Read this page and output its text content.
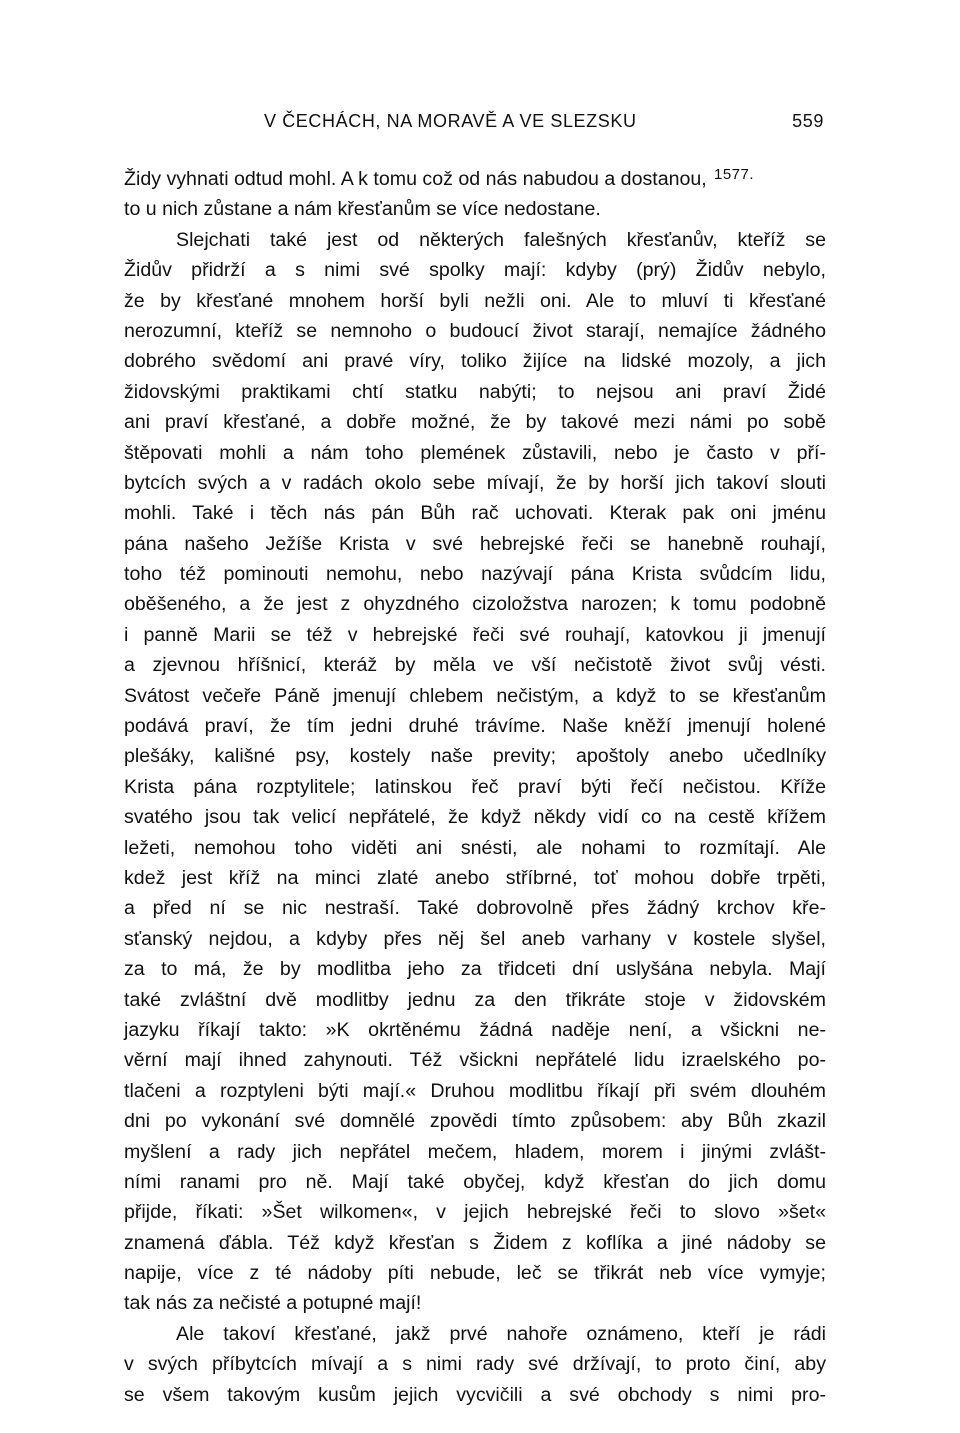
V ČECHÁCH, NA MORAVĚ A VE SLEZSKU	559
1577.
Židy vyhnati odtud mohl. A k tomu což od nás nabudou a dostanou,
to u nich zůstane a nám křesťanům se více nedostane.
Slejchati také jest od některých falešných křesťanův, kteříž se
Židův přidrží a s nimi své spolky mají: kdyby (prý) Židův nebylo,
že by křesťané mnohem horší byli nežli oni. Ale to mluví ti křesťané
nerozumní, kteříž se nemnoho o budoucí život starají, nemajíce žádného
dobrého svědomí ani pravé víry, toliko žijíce na lidské mozoly, a jich
židovskými praktikami chtí statku nabýti; to nejsou ani praví Židé
ani praví křesťané, a dobře možné, že by takové mezi námi po sobě
štěpovati mohli a nám toho plemének zůstavili, nebo je často v pří-
bytcích svých a v radách okolo sebe mívají, že by horší jich takoví slouti
mohli. Také i těch nás pán Bůh rač uchovati. Kterak pak oni jménu
pána našeho Ježíše Krista v své hebrejské řeči se hanebně rouhají,
toho též pominouti nemohu, nebo nazývají pána Krista svůdcím lidu,
oběšeného, a že jest z ohyzdného cizoložstva narozen; k tomu podobně
i panně Marii se též v hebrejské řeči své rouhají, katovkou ji jmenují
a zjevnou hříšnicí, kteráž by měla ve vší nečistotě život svůj vésti.
Svátost večeře Páně jmenují chlebem nečistým, a když to se křesťanům
podává praví, že tím jedni druhé trávíme. Naše kněží jmenují holené
plešáky, kališné psy, kostely naše previty; apoštoly anebo učedlníky
Krista pána rozptylitele; latinskou řeč praví býti řečí nečistou. Kříže
svatého jsou tak velicí nepřátelé, že když někdy vidí co na cestě křížem
ležeti, nemohou toho viděti ani snésti, ale nohami to rozmítají. Ale
kdež jest kříž na minci zlaté anebo stříbrné, toť mohou dobře trpěti,
a před ní se nic nestraší. Také dobrovolně přes žádný krchov kře-
sťanský nejdou, a kdyby přes něj šel aneb varhany v kostele slyšel,
za to má, že by modlitba jeho za třidceti dní uslyšána nebyla. Mají
také zvláštní dvě modlitby jednu za den třikráte stoje v židovském
jazyku říkají takto: »K okrtěnému žádná naděje není, a všickni ne-
věrní mají ihned zahynouti. Též všickni nepřátelé lidu izraelského po-
tlačeni a rozptyleni býti mají.« Druhou modlitbu říkají při svém dlouhém
dni po vykonání své domnělé zpovědi tímto způsobem: aby Bůh zkazil
myšlení a rady jich nepřátel mečem, hladem, morem i jinými zvlášt-
ními ranami pro ně. Mají také obyčej, když křesťan do jich domu
přijde, říkati: »Šet wilkomen«, v jejich hebrejské řeči to slovo »šet«
znamená ďábla. Též když křesťan s Židem z koflíka a jiné nádoby se
napije, více z té nádoby píti nebude, leč se třikrát neb více vymyje;
tak nás za nečisté a potupné mají!
Ale takoví křesťané, jakž prvé nahoře oznámeno, kteří je rádi
v svých příbytcích mívají a s nimi rady své držívají, to proto činí, aby
se všem takovým kusům jejich vycvičili a své obchody s nimi pro-
